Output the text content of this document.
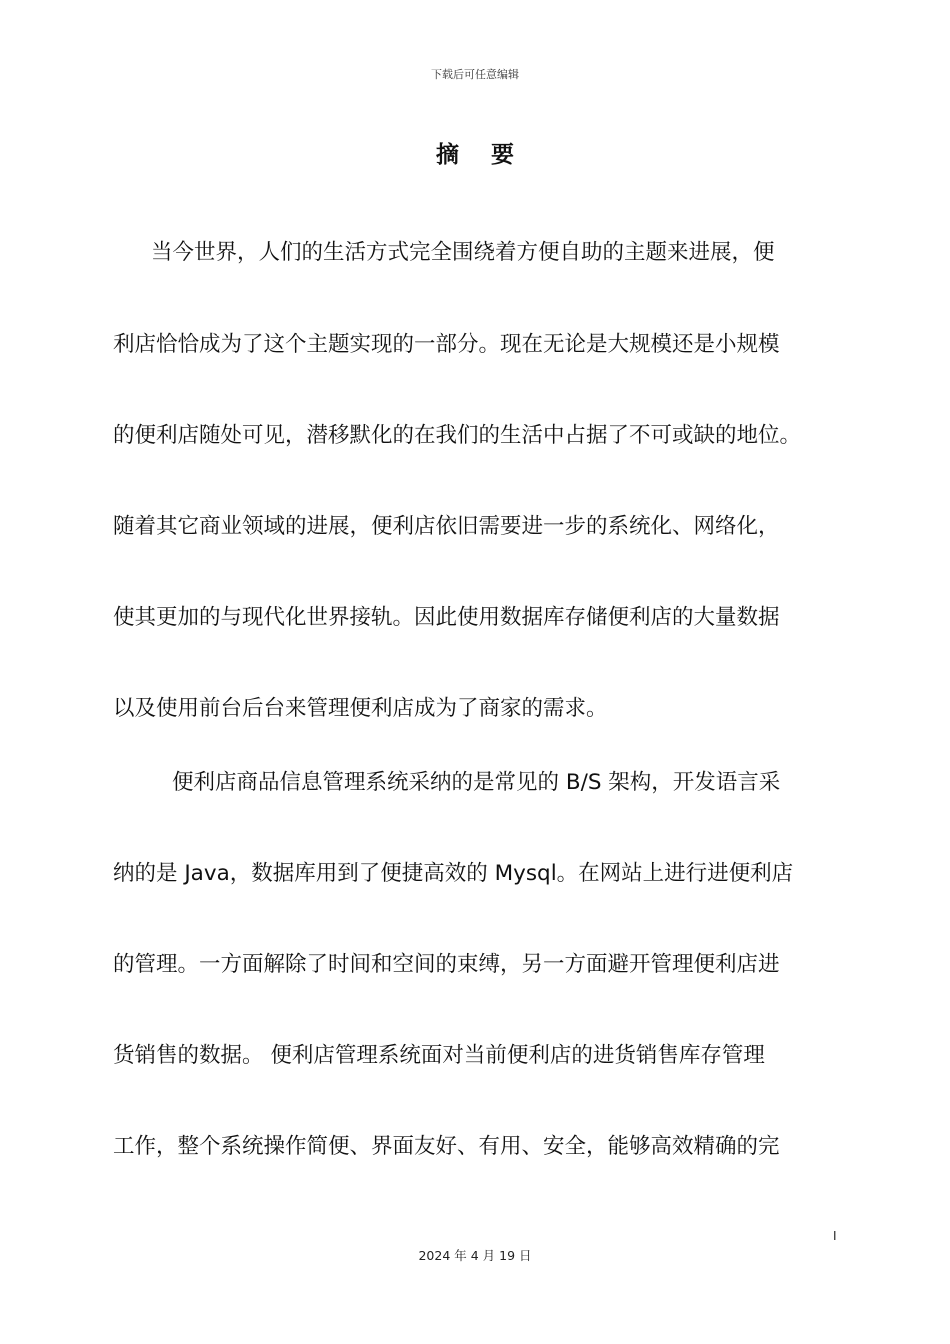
下载后可任意编辑
摘 要
当今世界，人们的生活方式完全围绕着方便自助的主题来进展，便
利店恰恰成为了这个主题实现的一部分。现在无论是大规模还是小规模
的便利店随处可见，潜移默化的在我们的生活中占据了不可或缺的地位。
随着其它商业领域的进展，便利店依旧需要进一步的系统化、网络化，
使其更加的与现代化世界接轨。因此使用数据库存储便利店的大量数据
以及使用前台后台来管理便利店成为了商家的需求。
便利店商品信息管理系统采纳的是常见的 B/S 架构，开发语言采
纳的是 Java，数据库用到了便捷高效的 Mysql。在网站上进行进便利店
的管理。一方面解除了时间和空间的束缚，另一方面避开管理便利店进
货销售的数据。 便利店管理系统面对当前便利店的进货销售库存管理
工作，整个系统操作简便、界面友好、有用、安全，能够高效精确的完
I
2024 年 4 月 19 日
